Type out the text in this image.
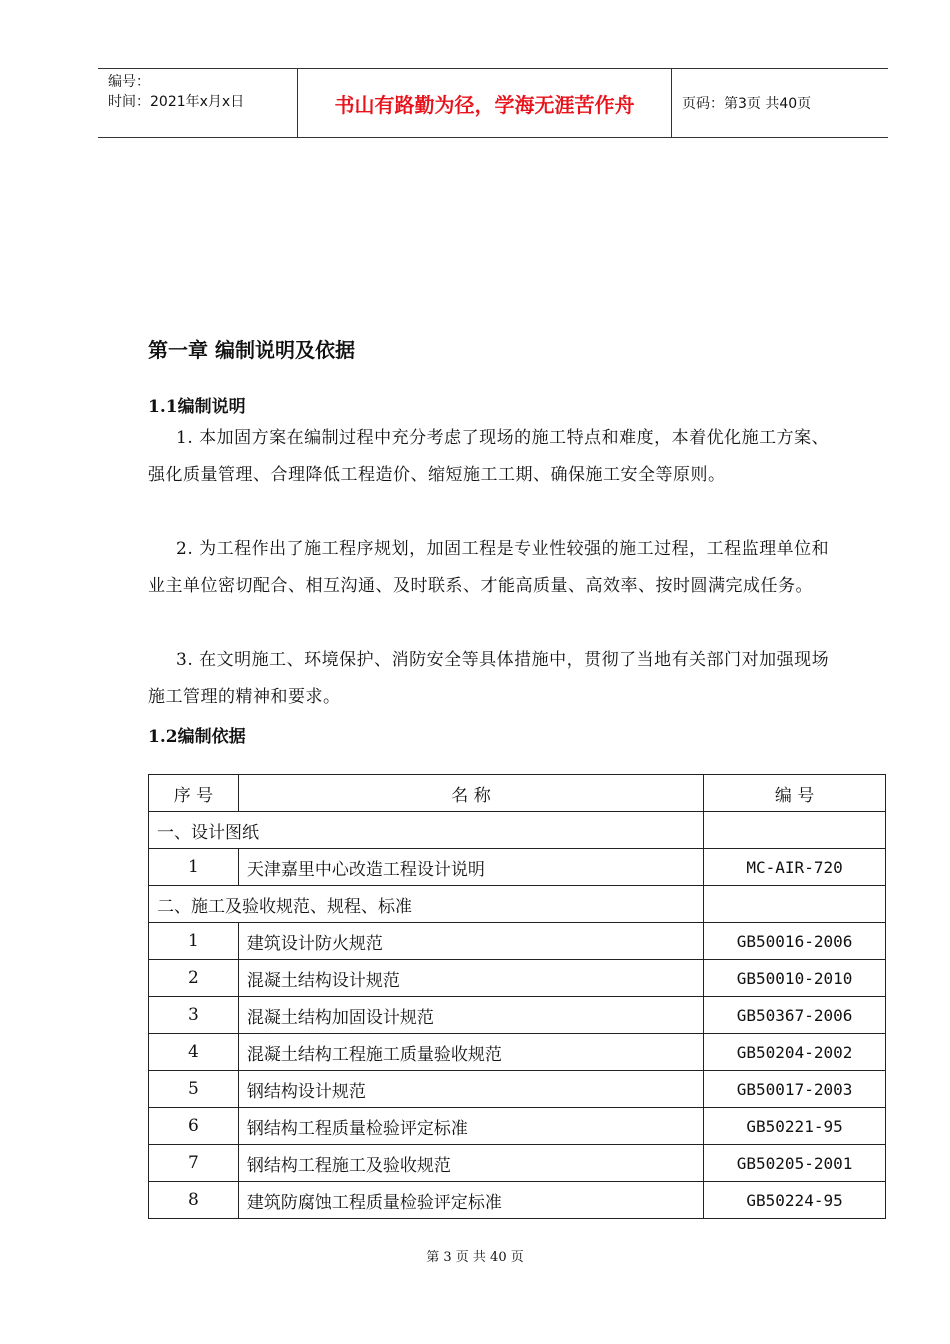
编号：
时间：2021年x月x日	书山有路勤为径，学海无涯苦作舟	页码：第3页 共40页
第一章 编制说明及依据
1.1编制说明

1. 本加固方案在编制过程中充分考虑了现场的施工特点和难度，本着优化施工方案、强化质量管理、合理降低工程造价、缩短施工工期、确保施工安全等原则。

2. 为工程作出了施工程序规划，加固工程是专业性较强的施工过程，工程监理单位和业主单位密切配合、相互沟通、及时联系、才能高质量、高效率、按时圆满完成任务。

3. 在文明施工、环境保护、消防安全等具体措施中，贯彻了当地有关部门对加强现场施工管理的精神和要求。

1.2编制依据
序 号	名 称	编 号
一、设计图纸		
1	天津嘉里中心改造工程设计说明	MC-AIR-720
二、施工及验收规范、规程、标准		
1	建筑设计防火规范	GB50016-2006
2	混凝土结构设计规范	GB50010-2010
3	混凝土结构加固设计规范	GB50367-2006
4	混凝土结构工程施工质量验收规范	GB50204-2002
5	钢结构设计规范	GB50017-2003
6	钢结构工程质量检验评定标准	GB50221-95
7	钢结构工程施工及验收规范	GB50205-2001
8	建筑防腐蚀工程质量检验评定标准	GB50224-95
第 3 页 共 40 页
